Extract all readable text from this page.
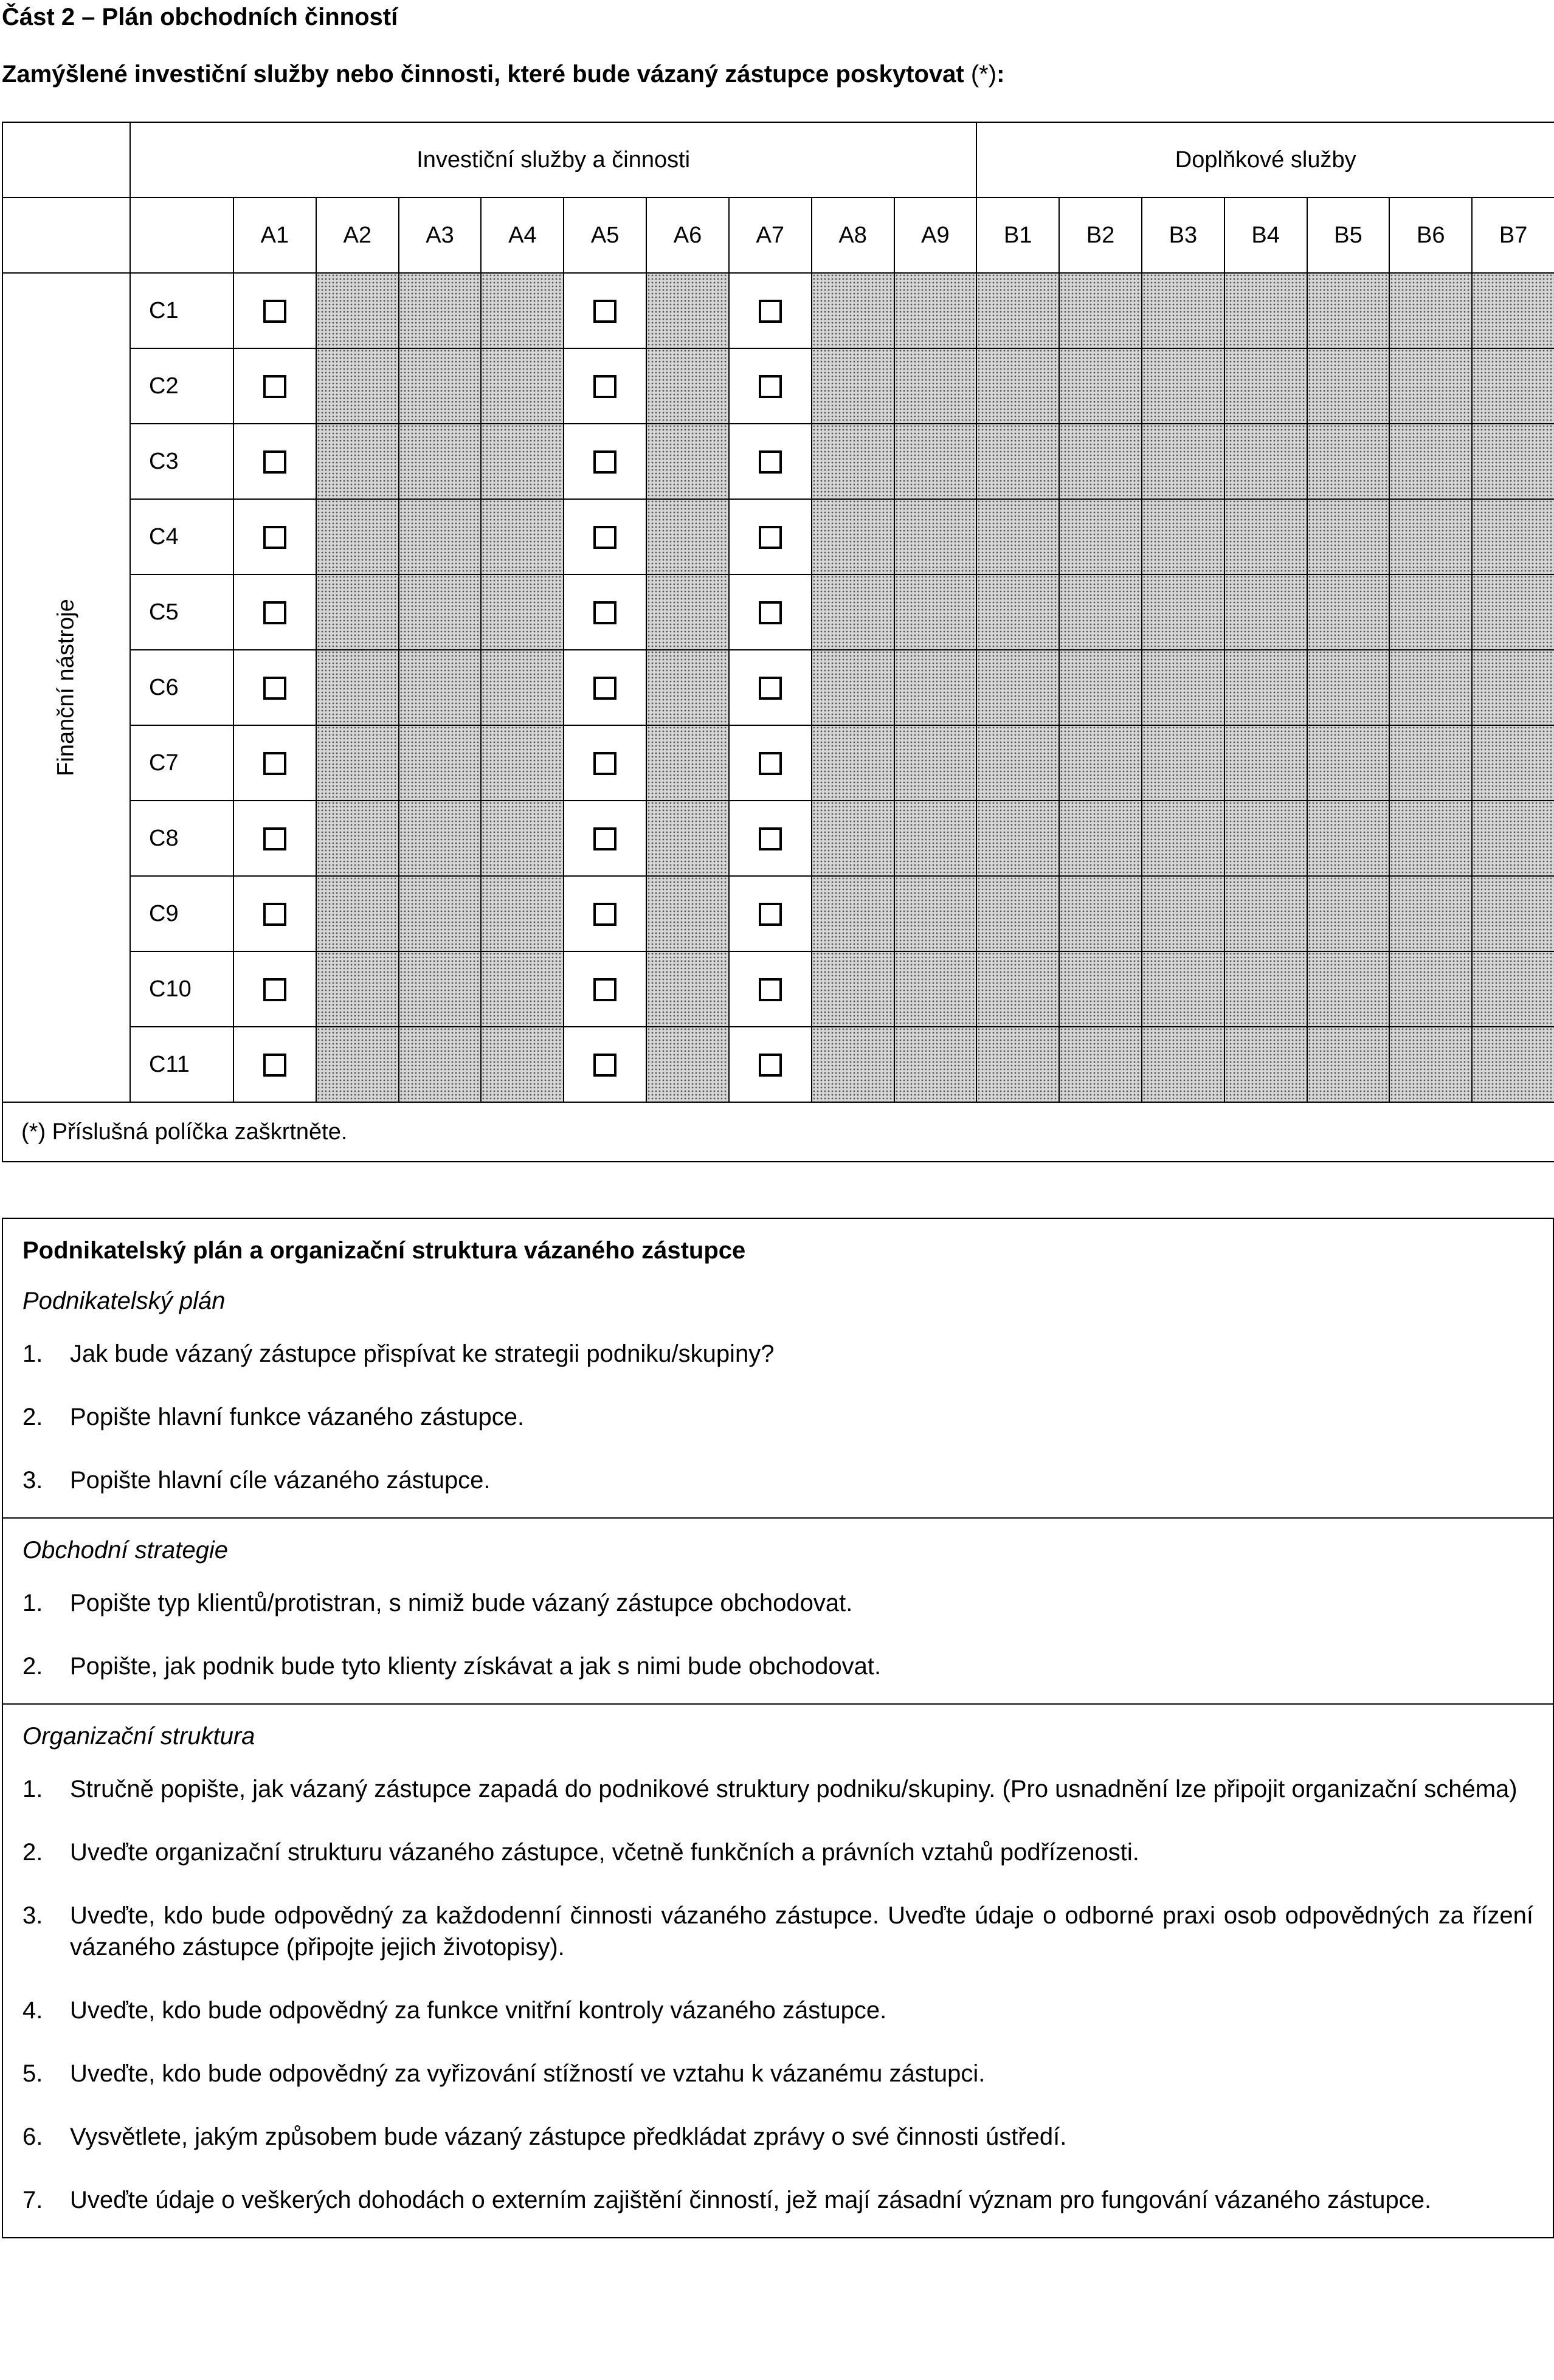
Část 2 – Plán obchodních činností
Zamýšlené investiční služby nebo činnosti, které bude vázaný zástupce poskytovat (*):
	Investiční služby a činnosti										Doplňkové služby						
		A1	A2	A3	A4	A5	A6	A7	A8	A9	B1	B2	B3	B4	B5	B6	B7

Finanční nástroje	C1																
	C2																
	C3																
	C4																
	C5																
	C6																
	C7																
	C8																
	C9																
	C10																
	C11																
(*) Příslušná políčka zaškrtněte.																	
Podnikatelský plán a organizační struktura vázaného zástupce
Podnikatelský plán
1.	Jak bude vázaný zástupce přispívat ke strategii podniku/skupiny?
2.	Popište hlavní funkce vázaného zástupce.
3.	Popište hlavní cíle vázaného zástupce.
Obchodní strategie
1.	Popište typ klientů/protistran, s nimiž bude vázaný zástupce obchodovat.
2.	Popište, jak podnik bude tyto klienty získávat a jak s nimi bude obchodovat.
Organizační struktura
1.	Stručně popište, jak vázaný zástupce zapadá do podnikové struktury podniku/skupiny. (Pro usnadnění lze připojit organizační schéma)
2.	Uveďte organizační strukturu vázaného zástupce, včetně funkčních a právních vztahů podřízenosti.
3.	Uveďte, kdo bude odpovědný za každodenní činnosti vázaného zástupce. Uveďte údaje o odborné praxi osob odpovědných za řízení vázaného zástupce (připojte jejich životopisy).
4.	Uveďte, kdo bude odpovědný za funkce vnitřní kontroly vázaného zástupce.
5.	Uveďte, kdo bude odpovědný za vyřizování stížností ve vztahu k vázanému zástupci.
6.	Vysvětlete, jakým způsobem bude vázaný zástupce předkládat zprávy o své činnosti ústředí.
7.	Uveďte údaje o veškerých dohodách o externím zajištění činností, jež mají zásadní význam pro fungování vázaného zástupce.
